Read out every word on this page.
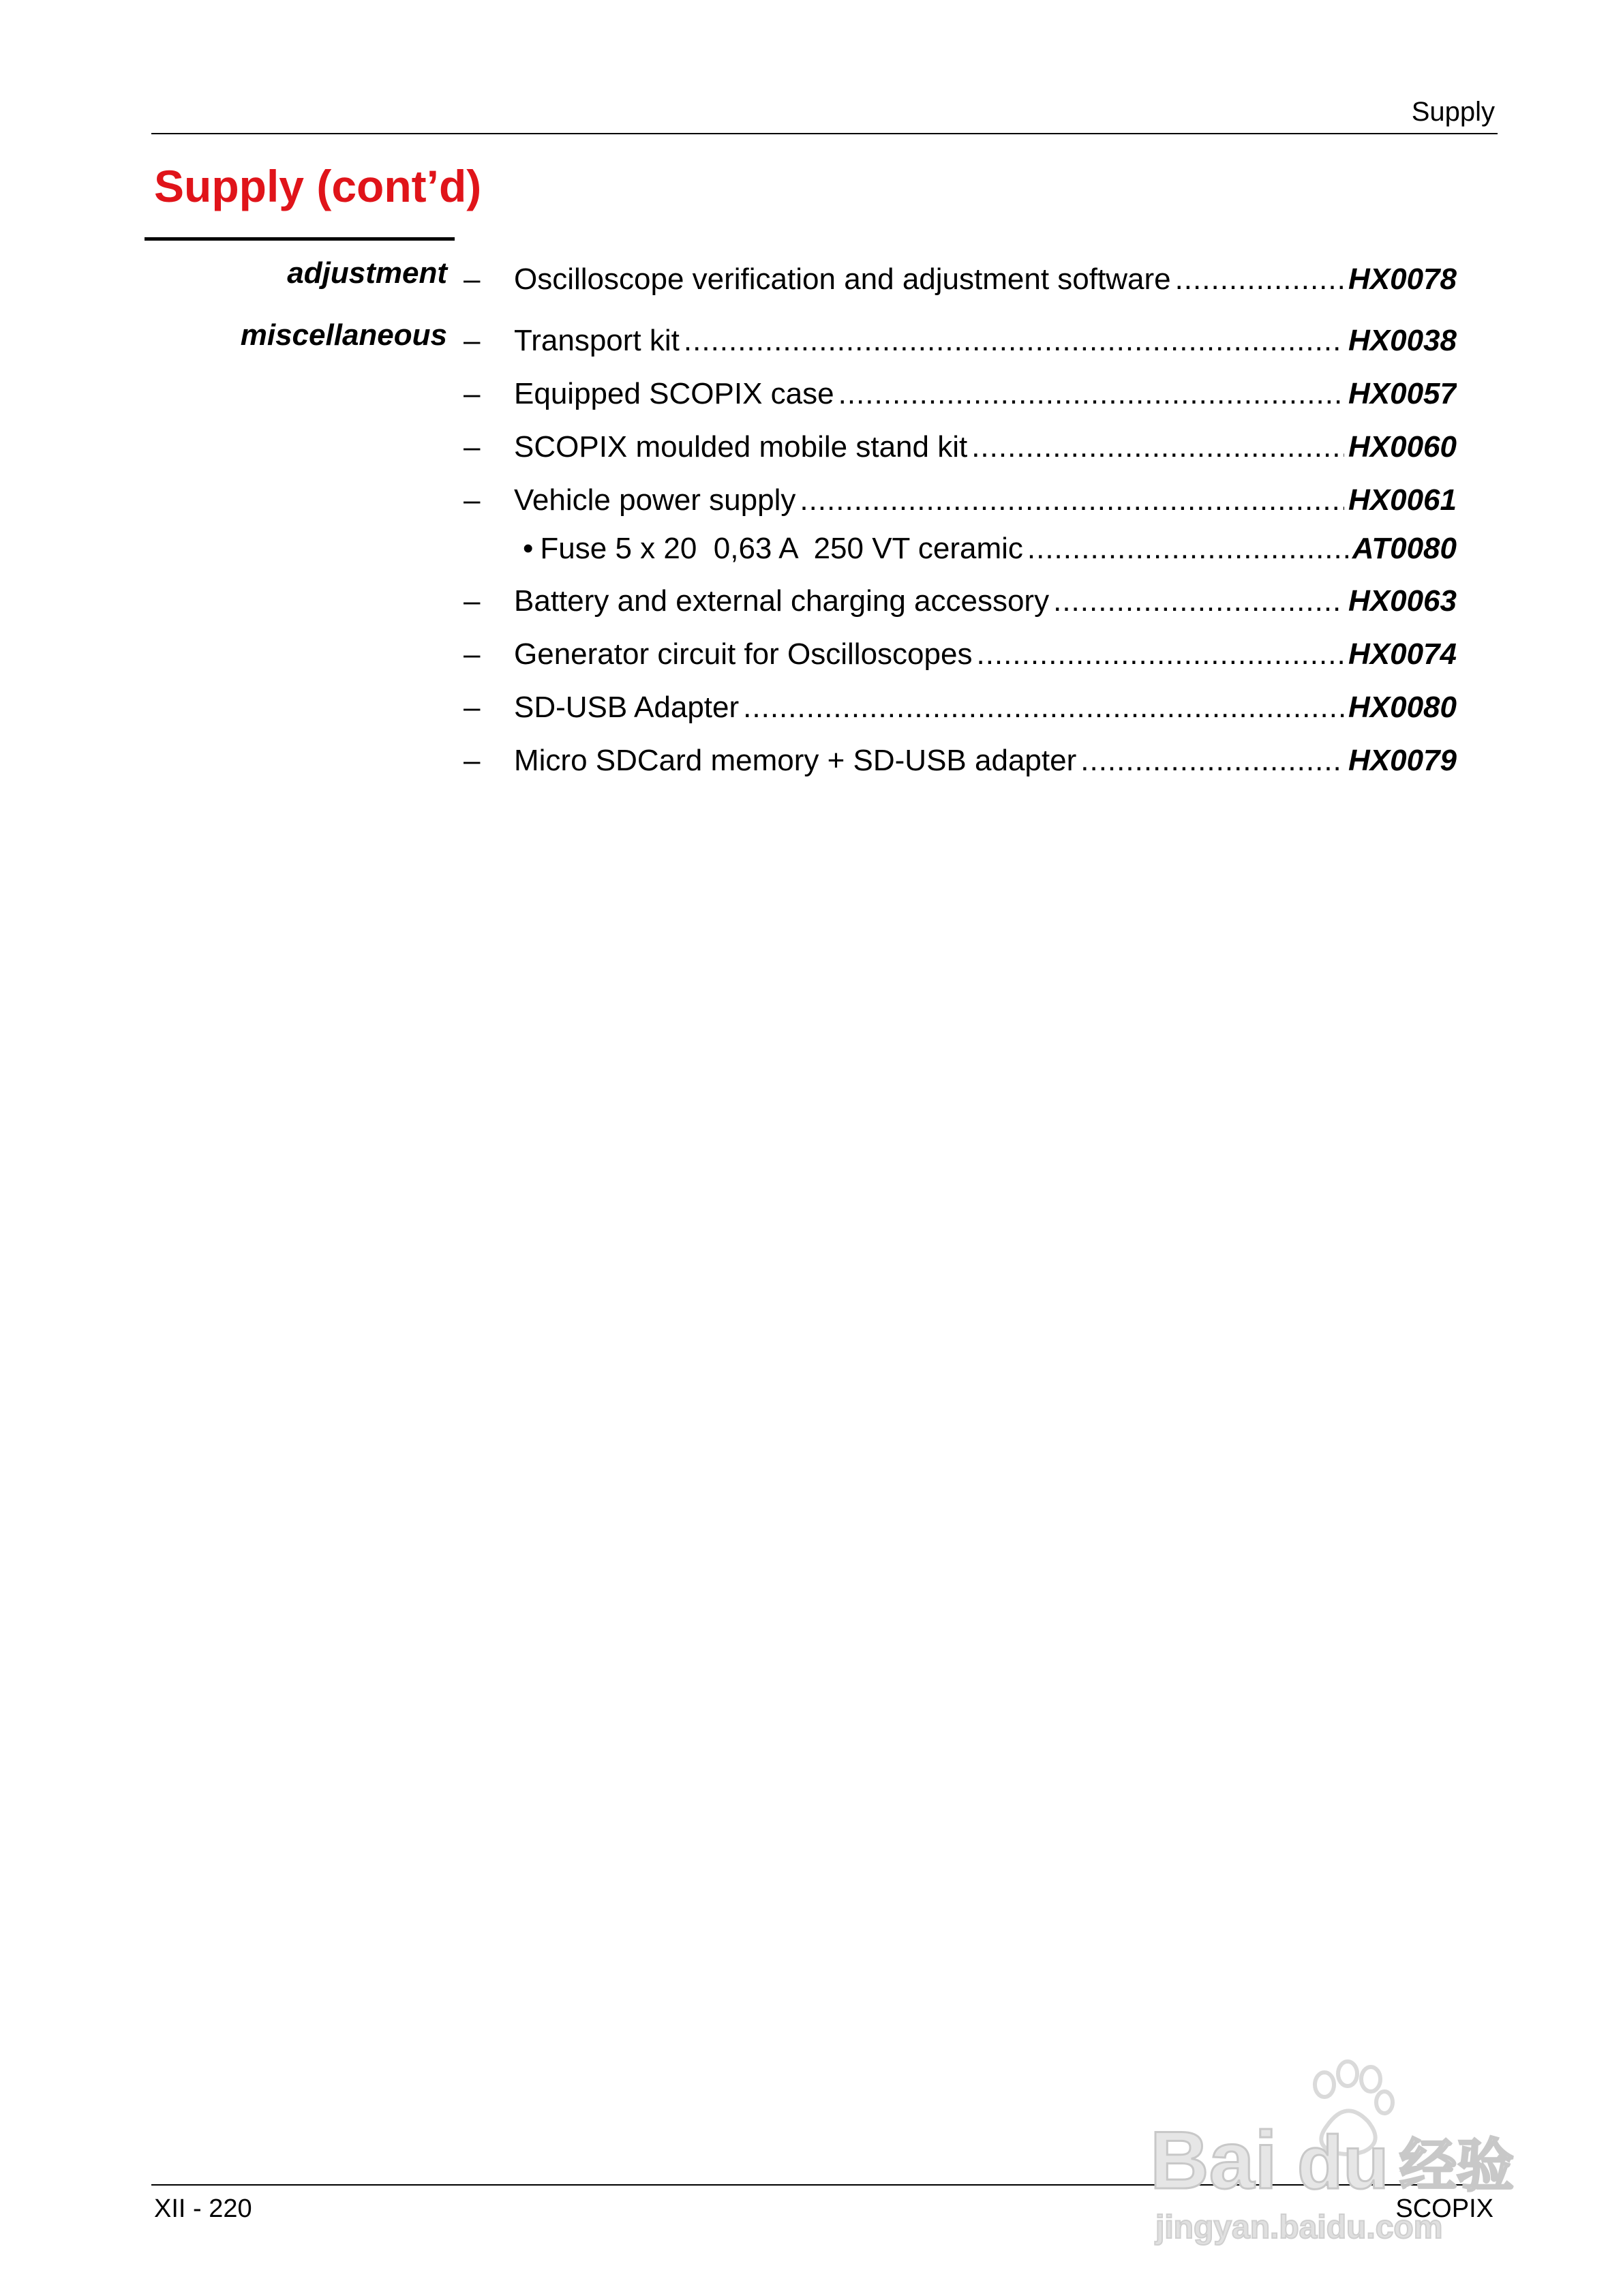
Supply
Supply (cont’d)
adjustment
miscellaneous
– Oscilloscope verification and adjustment software .....	HX0078
– Transport kit .....	HX0038
– Equipped SCOPIX case .....	HX0057
– SCOPIX moulded mobile stand kit .....	HX0060
– Vehicle power supply .....	HX0061
• Fuse 5 x 20  0,63 A  250 VT ceramic .....	AT0080
– Battery and external charging accessory .....	HX0063
– Generator circuit for Oscilloscopes .....	HX0074
– SD-USB Adapter .....	HX0080
– Micro SDCard memory + SD-USB adapter .....	HX0079
XII - 220	SCOPIX
Bai du 经验
jingyan.baidu.com
